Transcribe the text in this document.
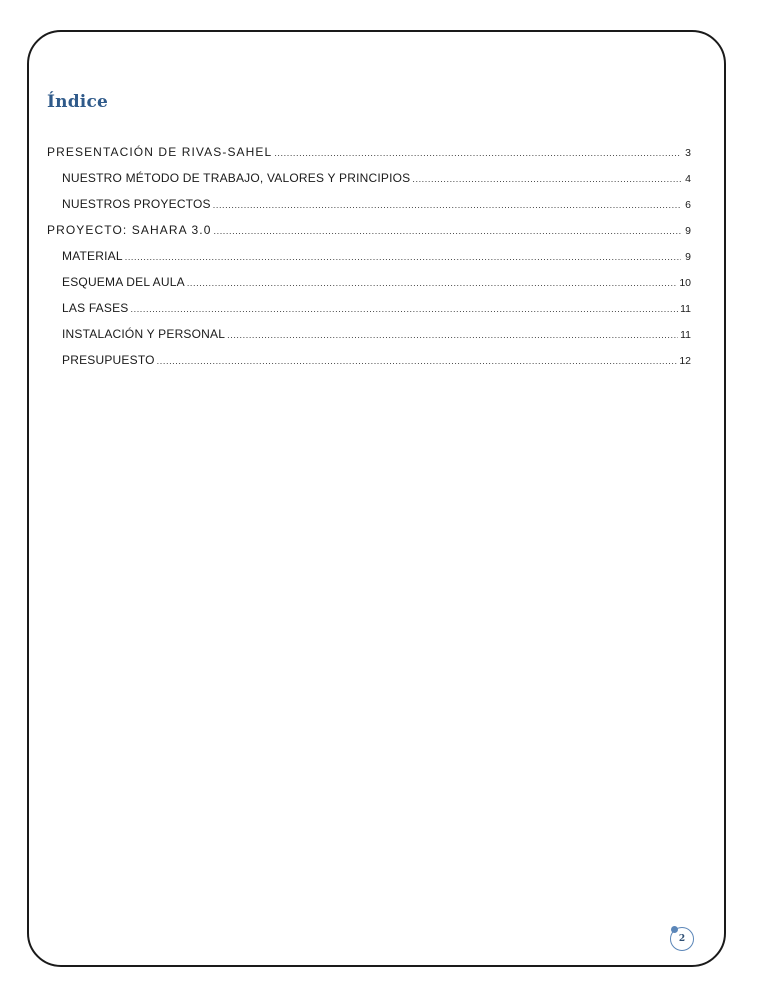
Índice
PRESENTACIÓN DE RIVAS-SAHEL .....	3
NUESTRO MÉTODO DE TRABAJO, VALORES Y PRINCIPIOS .....	4
NUESTROS PROYECTOS .....	6
PROYECTO: SAHARA 3.0 .....	9
MATERIAL .....	9
ESQUEMA DEL AULA .....	10
LAS FASES .....	11
INSTALACIÓN Y PERSONAL .....	11
PRESUPUESTO .....	12
2
